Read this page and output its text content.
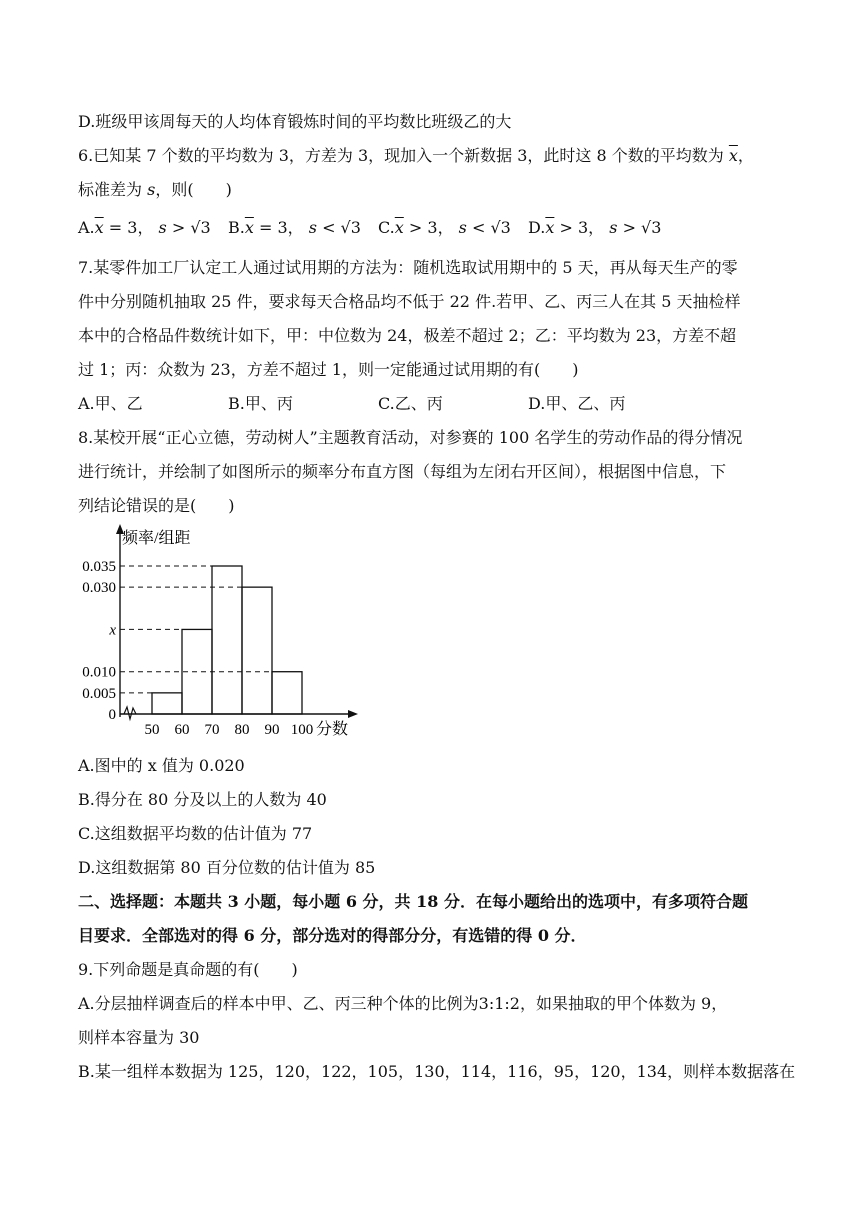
D.班级甲该周每天的人均体育锻炼时间的平均数比班级乙的大
6.已知某 7 个数的平均数为 3，方差为 3，现加入一个新数据 3，此时这 8 个数的平均数为 $\overline{x}$，
标准差为 s，则(　　)
$A.\overline{x} = 3$， s > √3 $B.\overline{x} = 3$， s < √3 $C.\overline{x} > 3$， s < √3 $D.\overline{x} > 3$， s > √3
7.某零件加工厂认定工人通过试用期的方法为：随机选取试用期中的 5 天，再从每天生产的零
件中分别随机抽取 25 件，要求每天合格品均不低于 22 件.若甲、乙、丙三人在其 5 天抽检样
本中的合格品件数统计如下，甲：中位数为 24，极差不超过 2；乙：平均数为 23，方差不超
过 1；丙：众数为 23，方差不超过 1，则一定能通过试用期的有(　　)
A.甲、乙	B.甲、丙	C.乙、丙	D.甲、乙、丙
8.某校开展“正心立德，劳动树人”主题教育活动，对参赛的 100 名学生的劳动作品的得分情况
进行统计，并绘制了如图所示的频率分布直方图（每组为左闭右开区间），根据图中信息，下
列结论错误的是(　　)
频率/组距
分数
0.035
0.030
x
0.010
0.005
0
50 60 70 80 90 100
A.图中的 x 值为 0.020
B.得分在 80 分及以上的人数为 40
C.这组数据平均数的估计值为 77
D.这组数据第 80 百分位数的估计值为 85
二、选择题：本题共 3 小题，每小题 6 分，共 18 分．在每小题给出的选项中，有多项符合题
目要求．全部选对的得 6 分，部分选对的得部分分，有选错的得 0 分．
9.下列命题是真命题的有(　　)
A.分层抽样调查后的样本中甲、乙、丙三种个体的比例为3:1:2，如果抽取的甲个体数为 9，
则样本容量为 30
B.某一组样本数据为 125，120，122，105，130，114，116，95，120，134，则样本数据落在
